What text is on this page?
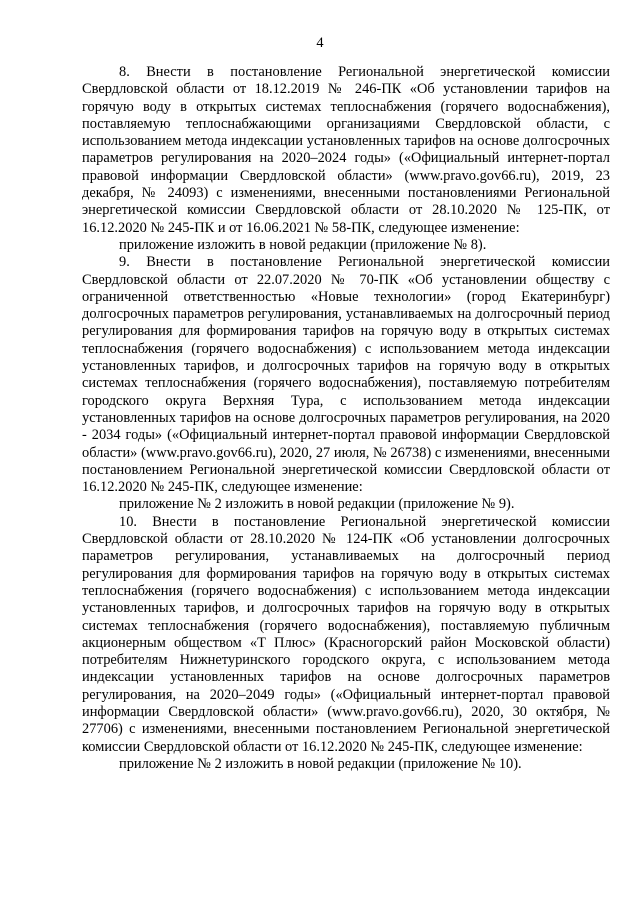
4

8. Внести в постановление Региональной энергетической комиссии Свердловской области от 18.12.2019 № 246-ПК «Об установлении тарифов на горячую воду в открытых системах теплоснабжения (горячего водоснабжения), поставляемую теплоснабжающими организациями Свердловской области, с использованием метода индексации установленных тарифов на основе долгосрочных параметров регулирования на 2020–2024 годы» («Официальный интернет-портал правовой информации Свердловской области» (www.pravo.gov66.ru), 2019, 23 декабря, № 24093) с изменениями, внесенными постановлениями Региональной энергетической комиссии Свердловской области от 28.10.2020 № 125-ПК, от 16.12.2020 № 245-ПК и от 16.06.2021 № 58-ПК, следующее изменение:

приложение изложить в новой редакции (приложение № 8).

9. Внести в постановление Региональной энергетической комиссии Свердловской области от 22.07.2020 № 70-ПК «Об установлении обществу с ограниченной ответственностью «Новые технологии» (город Екатеринбург) долгосрочных параметров регулирования, устанавливаемых на долгосрочный период регулирования для формирования тарифов на горячую воду в открытых системах теплоснабжения (горячего водоснабжения) с использованием метода индексации установленных тарифов, и долгосрочных тарифов на горячую воду в открытых системах теплоснабжения (горячего водоснабжения), поставляемую потребителям городского округа Верхняя Тура, с использованием метода индексации установленных тарифов на основе долгосрочных параметров регулирования, на 2020 - 2034 годы» («Официальный интернет-портал правовой информации Свердловской области» (www.pravo.gov66.ru), 2020, 27 июля, № 26738) с изменениями, внесенными постановлением Региональной энергетической комиссии Свердловской области от 16.12.2020 № 245-ПК, следующее изменение:

приложение № 2 изложить в новой редакции (приложение № 9).

10. Внести в постановление Региональной энергетической комиссии Свердловской области от 28.10.2020 № 124-ПК «Об установлении долгосрочных параметров регулирования, устанавливаемых на долгосрочный период регулирования для формирования тарифов на горячую воду в открытых системах теплоснабжения (горячего водоснабжения) с использованием метода индексации установленных тарифов, и долгосрочных тарифов на горячую воду в открытых системах теплоснабжения (горячего водоснабжения), поставляемую публичным акционерным обществом «Т Плюс» (Красногорский район Московской области) потребителям Нижнетуринского городского округа, с использованием метода индексации установленных тарифов на основе долгосрочных параметров регулирования, на 2020–2049 годы» («Официальный интернет-портал правовой информации Свердловской области» (www.pravo.gov66.ru), 2020, 30 октября, № 27706) с изменениями, внесенными постановлением Региональной энергетической комиссии Свердловской области от 16.12.2020 № 245-ПК, следующее изменение:

приложение № 2 изложить в новой редакции (приложение № 10).
